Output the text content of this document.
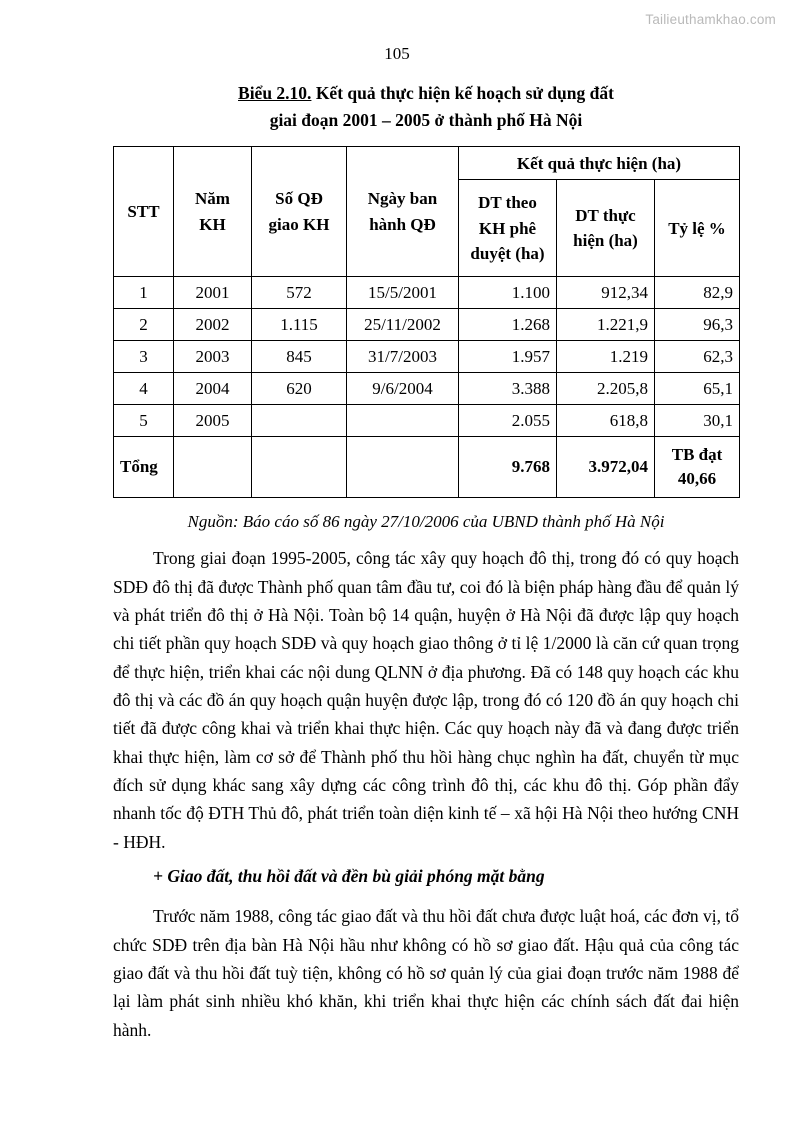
Tailieuthamkhao.com
105
Biểu 2.10. Kết quả thực hiện kế hoạch sử dụng đất
giai đoạn 2001 – 2005 ở thành phố Hà Nội
STT	Năm KH	Số QĐ giao KH	Ngày ban hành QĐ	Kết quả thực hiện (ha)		
				DT theo KH phê duyệt (ha)	DT thực hiện (ha)	Tỷ lệ %
1	2001	572	15/5/2001	1.100	912,34	82,9
2	2002	1.115	25/11/2002	1.268	1.221,9	96,3
3	2003	845	31/7/2003	1.957	1.219	62,3
4	2004	620	9/6/2004	3.388	2.205,8	65,1
5	2005			2.055	618,8	30,1
Tổng				9.768	3.972,04	TB đạt
40,66
Nguồn: Báo cáo số 86 ngày 27/10/2006 của UBND thành phố Hà Nội

Trong giai đoạn 1995-2005, công tác xây quy hoạch đô thị, trong đó có quy hoạch SDĐ đô thị đã được Thành phố quan tâm đầu tư, coi đó là biện pháp hàng đầu để quản lý và phát triển đô thị ở Hà Nội. Toàn bộ 14 quận, huyện ở Hà Nội đã được lập quy hoạch chi tiết phần quy hoạch SDĐ và quy hoạch giao thông ở tỉ lệ 1/2000 là căn cứ quan trọng để thực hiện, triển khai các nội dung QLNN ở địa phương. Đã có 148 quy hoạch các khu đô thị và các đồ án quy hoạch quận huyện được lập, trong đó có 120 đồ án quy hoạch chi tiết đã được công khai và triển khai thực hiện. Các quy hoạch này đã và đang được triển khai thực hiện, làm cơ sở để Thành phố thu hồi hàng chục nghìn ha đất, chuyển từ mục đích sử dụng khác sang xây dựng các công trình đô thị, các khu đô thị. Góp phần đẩy nhanh tốc độ ĐTH Thủ đô, phát triển toàn diện kinh tế – xã hội Hà Nội theo hướng CNH - HĐH.

+ Giao đất, thu hồi đất và đền bù giải phóng mặt bằng

Trước năm 1988, công tác giao đất và thu hồi đất chưa được luật hoá, các đơn vị, tổ chức SDĐ trên địa bàn Hà Nội hầu như không có hồ sơ giao đất. Hậu quả của công tác giao đất và thu hồi đất tuỳ tiện, không có hồ sơ quản lý của giai đoạn trước năm 1988 để lại làm phát sinh nhiều khó khăn, khi triển khai thực hiện các chính sách đất đai hiện hành.
